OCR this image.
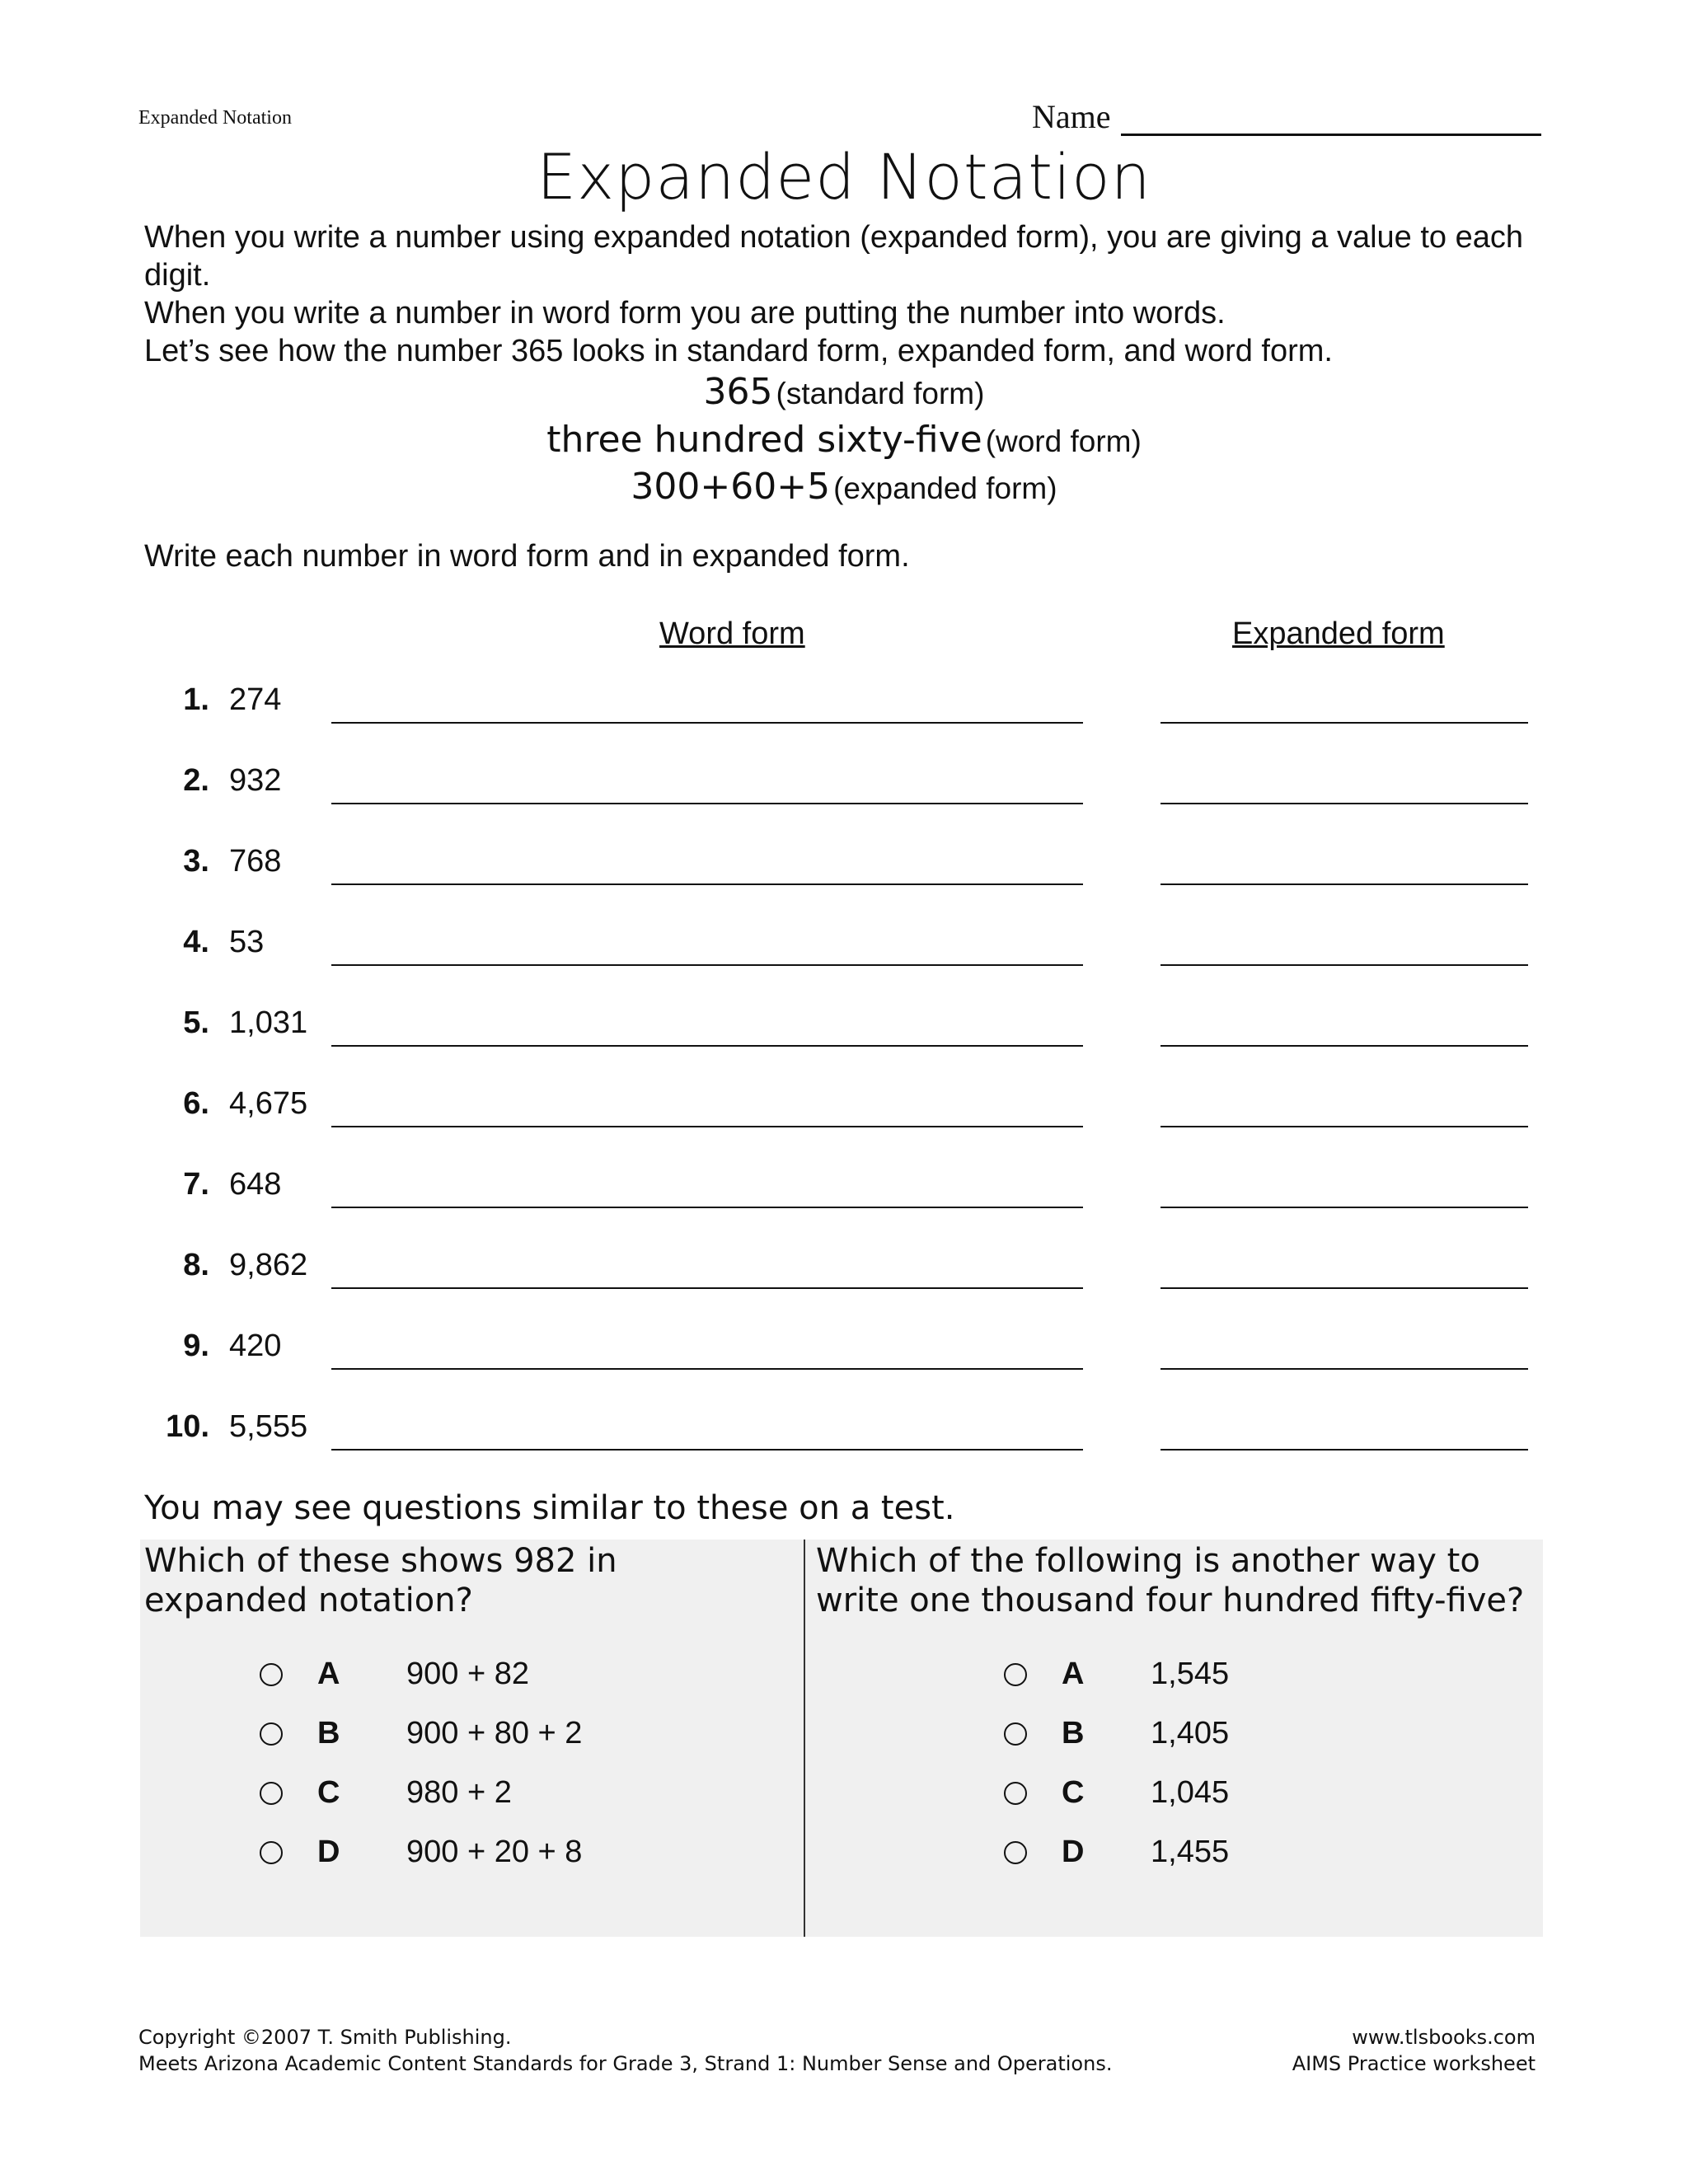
Expanded Notation	Name
Expanded Notation
When you write a number using expanded notation (expanded form), you are giving a value to each digit.
When you write a number in word form you are putting the number into words.
Let’s see how the number 365 looks in standard form, expanded form, and word form.
365 (standard form)
three hundred sixty-five (word form)
300+60+5 (expanded form)
Write each number in word form and in expanded form.
Word form	Expanded form
1. 274
2. 932
3. 768
4. 53
5. 1,031
6. 4,675
7. 648
8. 9,862
9. 420
10. 5,555
You may see questions similar to these on a test.
Which of these shows 982 in expanded notation?
Which of the following is another way to write one thousand four hundred fifty-five?
A 900 + 82
B 900 + 80 + 2
C 980 + 2
D 900 + 20 + 8
A 1,545
B 1,405
C 1,045
D 1,455
Copyright ©2007 T. Smith Publishing.
Meets Arizona Academic Content Standards for Grade 3, Strand 1: Number Sense and Operations.
www.tlsbooks.com
AIMS Practice worksheet
